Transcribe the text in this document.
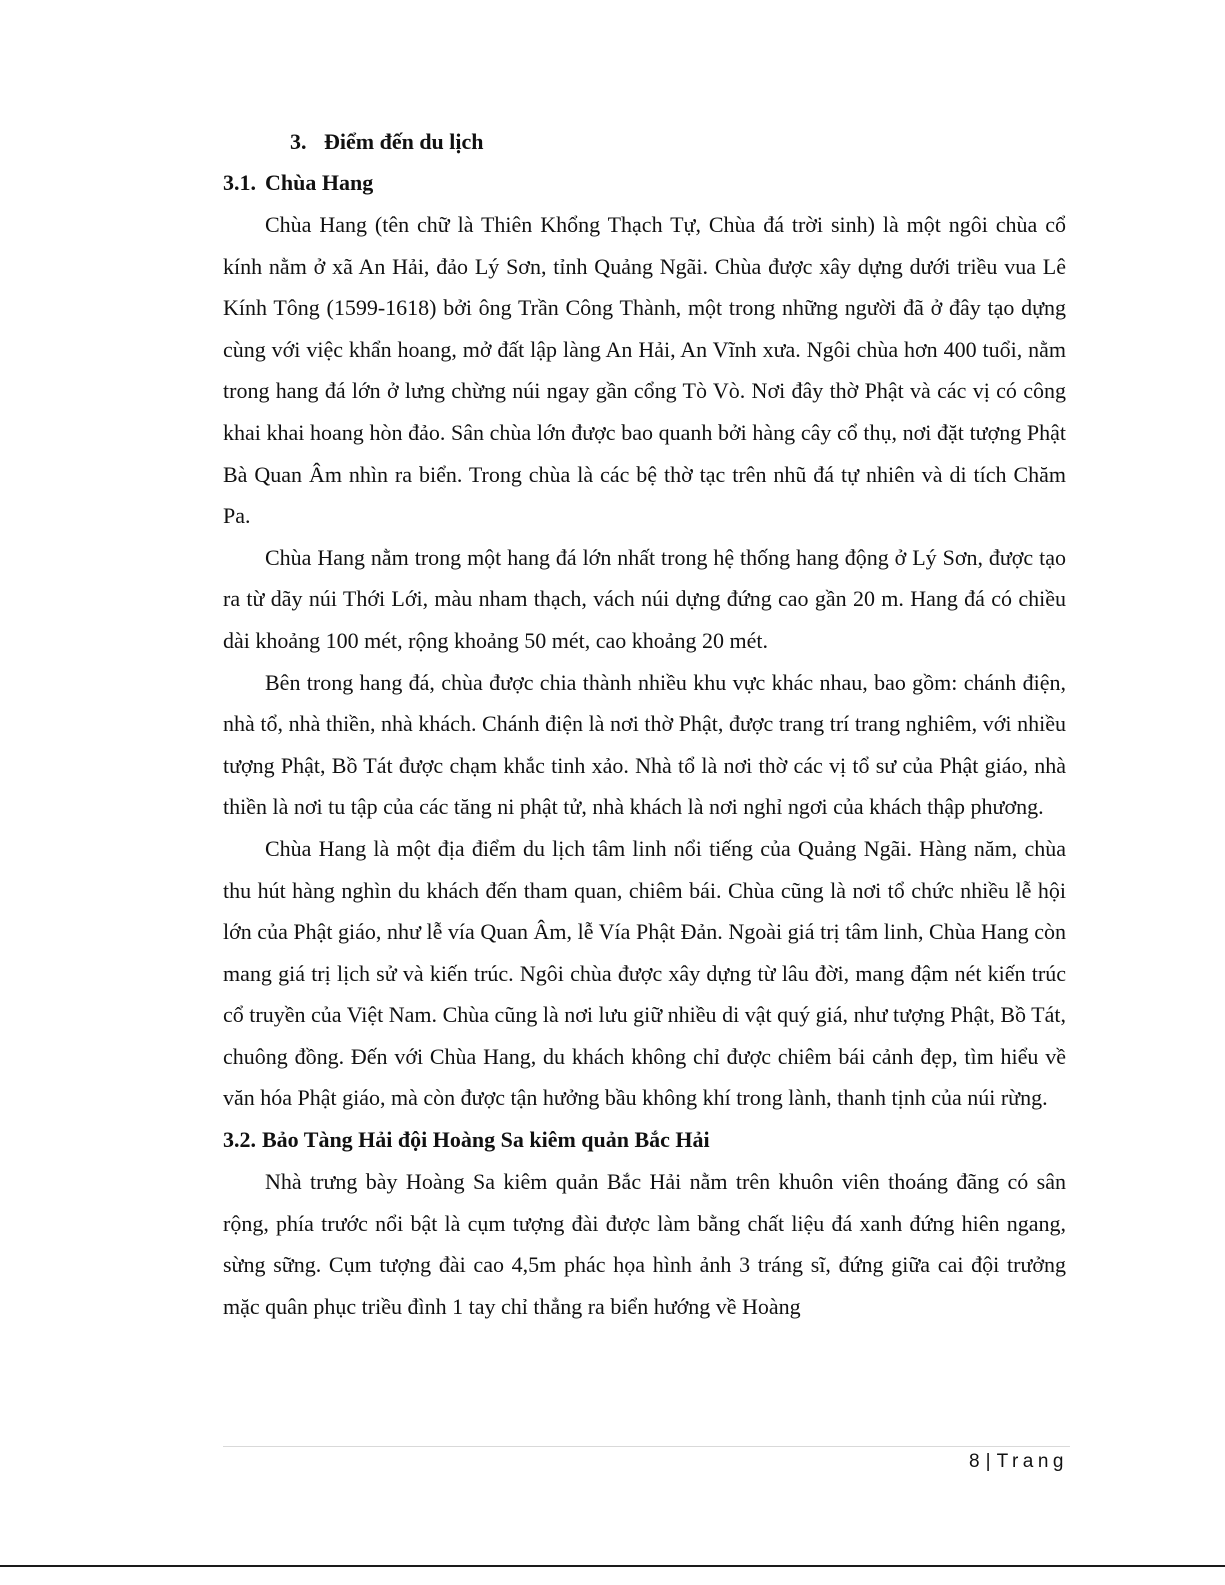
3. Điểm đến du lịch
3.1. Chùa Hang

Chùa Hang (tên chữ là Thiên Khổng Thạch Tự, Chùa đá trời sinh) là một ngôi chùa cổ kính nằm ở xã An Hải, đảo Lý Sơn, tỉnh Quảng Ngãi. Chùa được xây dựng dưới triều vua Lê Kính Tông (1599-1618) bởi ông Trần Công Thành, một trong những người đã ở đây tạo dựng cùng với việc khẩn hoang, mở đất lập làng An Hải, An Vĩnh xưa. Ngôi chùa hơn 400 tuổi, nằm trong hang đá lớn ở lưng chừng núi ngay gần cổng Tò Vò. Nơi đây thờ Phật và các vị có công khai khai hoang hòn đảo. Sân chùa lớn được bao quanh bởi hàng cây cổ thụ, nơi đặt tượng Phật Bà Quan Âm nhìn ra biển. Trong chùa là các bệ thờ tạc trên nhũ đá tự nhiên và di tích Chăm Pa.

Chùa Hang nằm trong một hang đá lớn nhất trong hệ thống hang động ở Lý Sơn, được tạo ra từ dãy núi Thới Lới, màu nham thạch, vách núi dựng đứng cao gần 20 m. Hang đá có chiều dài khoảng 100 mét, rộng khoảng 50 mét, cao khoảng 20 mét.

Bên trong hang đá, chùa được chia thành nhiều khu vực khác nhau, bao gồm: chánh điện, nhà tổ, nhà thiền, nhà khách. Chánh điện là nơi thờ Phật, được trang trí trang nghiêm, với nhiều tượng Phật, Bồ Tát được chạm khắc tinh xảo. Nhà tổ là nơi thờ các vị tổ sư của Phật giáo, nhà thiền là nơi tu tập của các tăng ni phật tử, nhà khách là nơi nghỉ ngơi của khách thập phương.

Chùa Hang là một địa điểm du lịch tâm linh nổi tiếng của Quảng Ngãi. Hàng năm, chùa thu hút hàng nghìn du khách đến tham quan, chiêm bái. Chùa cũng là nơi tổ chức nhiều lễ hội lớn của Phật giáo, như lễ vía Quan Âm, lễ Vía Phật Đản. Ngoài giá trị tâm linh, Chùa Hang còn mang giá trị lịch sử và kiến trúc. Ngôi chùa được xây dựng từ lâu đời, mang đậm nét kiến trúc cổ truyền của Việt Nam. Chùa cũng là nơi lưu giữ nhiều di vật quý giá, như tượng Phật, Bồ Tát, chuông đồng. Đến với Chùa Hang, du khách không chỉ được chiêm bái cảnh đẹp, tìm hiểu về văn hóa Phật giáo, mà còn được tận hưởng bầu không khí trong lành, thanh tịnh của núi rừng.

3.2. Bảo Tàng Hải đội Hoàng Sa kiêm quản Bắc Hải

Nhà trưng bày Hoàng Sa kiêm quản Bắc Hải nằm trên khuôn viên thoáng đãng có sân rộng, phía trước nổi bật là cụm tượng đài được làm bằng chất liệu đá xanh đứng hiên ngang, sừng sững. Cụm tượng đài cao 4,5m phác họa hình ảnh 3 tráng sĩ, đứng giữa cai đội trưởng mặc quân phục triều đình 1 tay chỉ thẳng ra biển hướng về Hoàng

8 | Trang
